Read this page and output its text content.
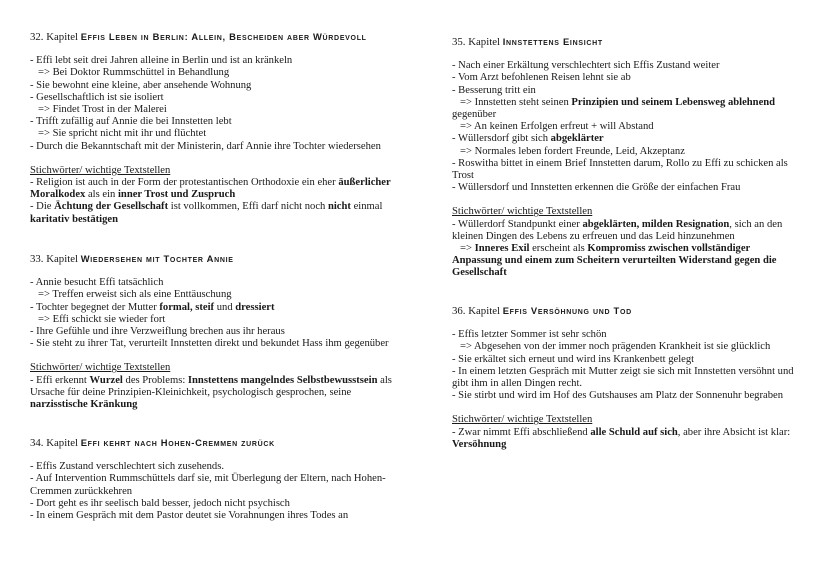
32. Kapitel Effis Leben in Berlin: Allein, Bescheiden aber Würdevoll

- Effi lebt seit drei Jahren alleine in Berlin und ist an kränkeln

=> Bei Doktor Rummschüttel in Behandlung

- Sie bewohnt eine kleine, aber ansehende Wohnung

- Gesellschaftlich ist sie isoliert

=> Findet Trost in der Malerei

- Trifft zufällig auf Annie die bei Innstetten lebt

=> Sie spricht nicht mit ihr und flüchtet

- Durch die Bekanntschaft mit der Ministerin, darf Annie ihre Tochter wiedersehen

Stichwörter/ wichtige Textstellen

- Religion ist auch in der Form der protestantischen Orthodoxie ein eher äußerlicher

Moralkodex als ein inner Trost und Zuspruch

- Die Ächtung der Gesellschaft ist vollkommen, Effi darf nicht noch nicht einmal

karitativ bestätigen

33. Kapitel Wiedersehen mit Tochter Annie

- Annie besucht Effi tatsächlich

=> Treffen erweist sich als eine Enttäuschung

- Tochter begegnet der Mutter formal, steif und dressiert

=> Effi schickt sie wieder fort

- Ihre Gefühle und ihre Verzweiflung brechen aus ihr heraus

- Sie steht zu ihrer Tat, verurteilt Innstetten direkt und bekundet Hass ihm gegenüber

Stichwörter/ wichtige Textstellen

- Effi erkennt Wurzel des Problems: Innstettens mangelndes Selbstbewusstsein als

Ursache für deine Prinzipien-Kleinichkeit, psychologisch gesprochen, seine

narzisstische Kränkung

34. Kapitel Effi kehrt nach Hohen-Cremmen zurück

- Effis Zustand verschlechtert sich zusehends.

- Auf Intervention Rummschüttels darf sie, mit Überlegung der Eltern, nach Hohen-

Cremmen zurückkehren

- Dort geht es ihr seelisch bald besser, jedoch nicht psychisch

- In einem Gespräch mit dem Pastor deutet sie Vorahnungen ihres Todes an

35. Kapitel Innstettens Einsicht

- Nach einer Erkältung verschlechtert sich Effis Zustand weiter

- Vom Arzt befohlenen Reisen lehnt sie ab

- Besserung tritt ein

=> Innstetten steht seinen Prinzipien und seinem Lebensweg ablehnend

gegenüber

=> An keinen Erfolgen erfreut + will Abstand

- Wüllersdorf gibt sich abgeklärter

=> Normales leben fordert Freunde, Leid, Akzeptanz

- Roswitha bittet in einem Brief Innstetten darum, Rollo zu Effi zu schicken als

Trost

- Wüllersdorf und Innstetten erkennen die Größe der einfachen Frau

Stichwörter/ wichtige Textstellen

- Wüllerdorf Standpunkt einer abgeklärten, milden Resignation, sich an den

kleinen Dingen des Lebens zu erfreuen und das Leid hinzunehmen

=> Inneres Exil erscheint als Kompromiss zwischen vollständiger

Anpassung und einem zum Scheitern verurteilten Widerstand gegen die

Gesellschaft

36. Kapitel Effis Versöhnung und Tod

- Effis letzter Sommer ist sehr schön

=> Abgesehen von der immer noch prägenden Krankheit ist sie glücklich

- Sie erkältet sich erneut und wird ins Krankenbett gelegt

- In einem letzten Gespräch mit Mutter zeigt sie sich mit Innstetten versöhnt und

gibt ihm in allen Dingen recht.

- Sie stirbt und wird im Hof des Gutshauses am Platz der Sonnenuhr begraben

Stichwörter/ wichtige Textstellen

- Zwar nimmt Effi abschließend alle Schuld auf sich, aber ihre Absicht ist klar:

Versöhnung
